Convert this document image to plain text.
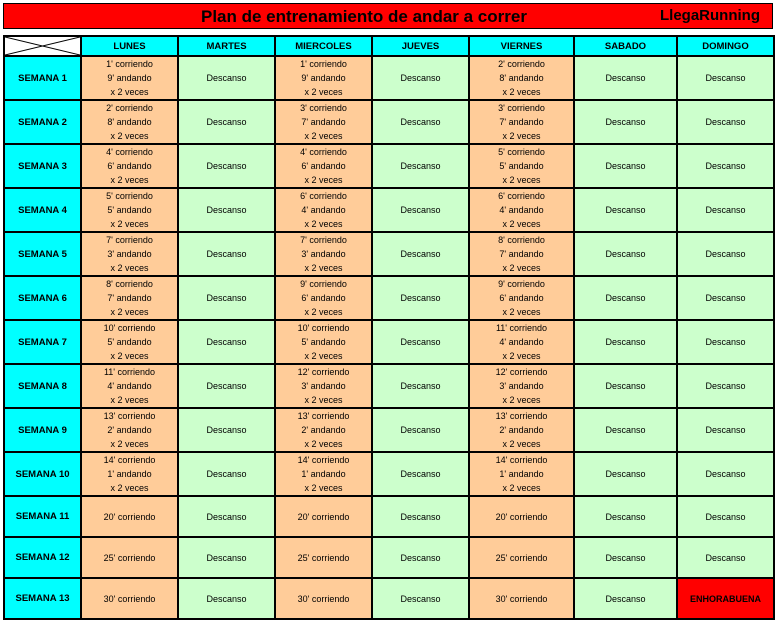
Plan de entrenamiento de andar a correr	LlegaRunning
	LUNES	MARTES	MIERCOLES	JUEVES	VIERNES	SABADO	DOMINGO
SEMANA 1	1' corriendo
9' andando
x 2 veces	Descanso	1' corriendo
9' andando
x 2 veces	Descanso	2' corriendo
8' andando
x 2 veces	Descanso	Descanso

SEMANA 2	2' corriendo
8' andando
x 2 veces	Descanso	3' corriendo
7' andando
x 2 veces	Descanso	3' corriendo
7' andando
x 2 veces	Descanso	Descanso

SEMANA 3	4' corriendo
6' andando
x 2 veces	Descanso	4' corriendo
6' andando
x 2 veces	Descanso	5' corriendo
5' andando
x 2 veces	Descanso	Descanso

SEMANA 4	5' corriendo
5' andando
x 2 veces	Descanso	6' corriendo
4' andando
x 2 veces	Descanso	6' corriendo
4' andando
x 2 veces	Descanso	Descanso

SEMANA 5	7' corriendo
3' andando
x 2 veces	Descanso	7' corriendo
3' andando
x 2 veces	Descanso	8' corriendo
7' andando
x 2 veces	Descanso	Descanso

SEMANA 6	8' corriendo
7' andando
x 2 veces	Descanso	9' corriendo
6' andando
x 2 veces	Descanso	9' corriendo
6' andando
x 2 veces	Descanso	Descanso

SEMANA 7	10' corriendo
5' andando
x 2 veces	Descanso	10' corriendo
5' andando
x 2 veces	Descanso	11' corriendo
4' andando
x 2 veces	Descanso	Descanso

SEMANA 8	11' corriendo
4' andando
x 2 veces	Descanso	12' corriendo
3' andando
x 2 veces	Descanso	12' corriendo
3' andando
x 2 veces	Descanso	Descanso

SEMANA 9	13' corriendo
2' andando
x 2 veces	Descanso	13' corriendo
2' andando
x 2 veces	Descanso	13' corriendo
2' andando
x 2 veces	Descanso	Descanso

SEMANA 10	14' corriendo
1' andando
x 2 veces	Descanso	14' corriendo
1' andando
x 2 veces	Descanso	14' corriendo
1' andando
x 2 veces	Descanso	Descanso

SEMANA 11	20' corriendo	Descanso	20' corriendo	Descanso	20' corriendo	Descanso	Descanso

SEMANA 12	25' corriendo	Descanso	25' corriendo	Descanso	25' corriendo	Descanso	Descanso

SEMANA 13	30' corriendo	Descanso	30' corriendo	Descanso	30' corriendo	Descanso	ENHORABUENA
